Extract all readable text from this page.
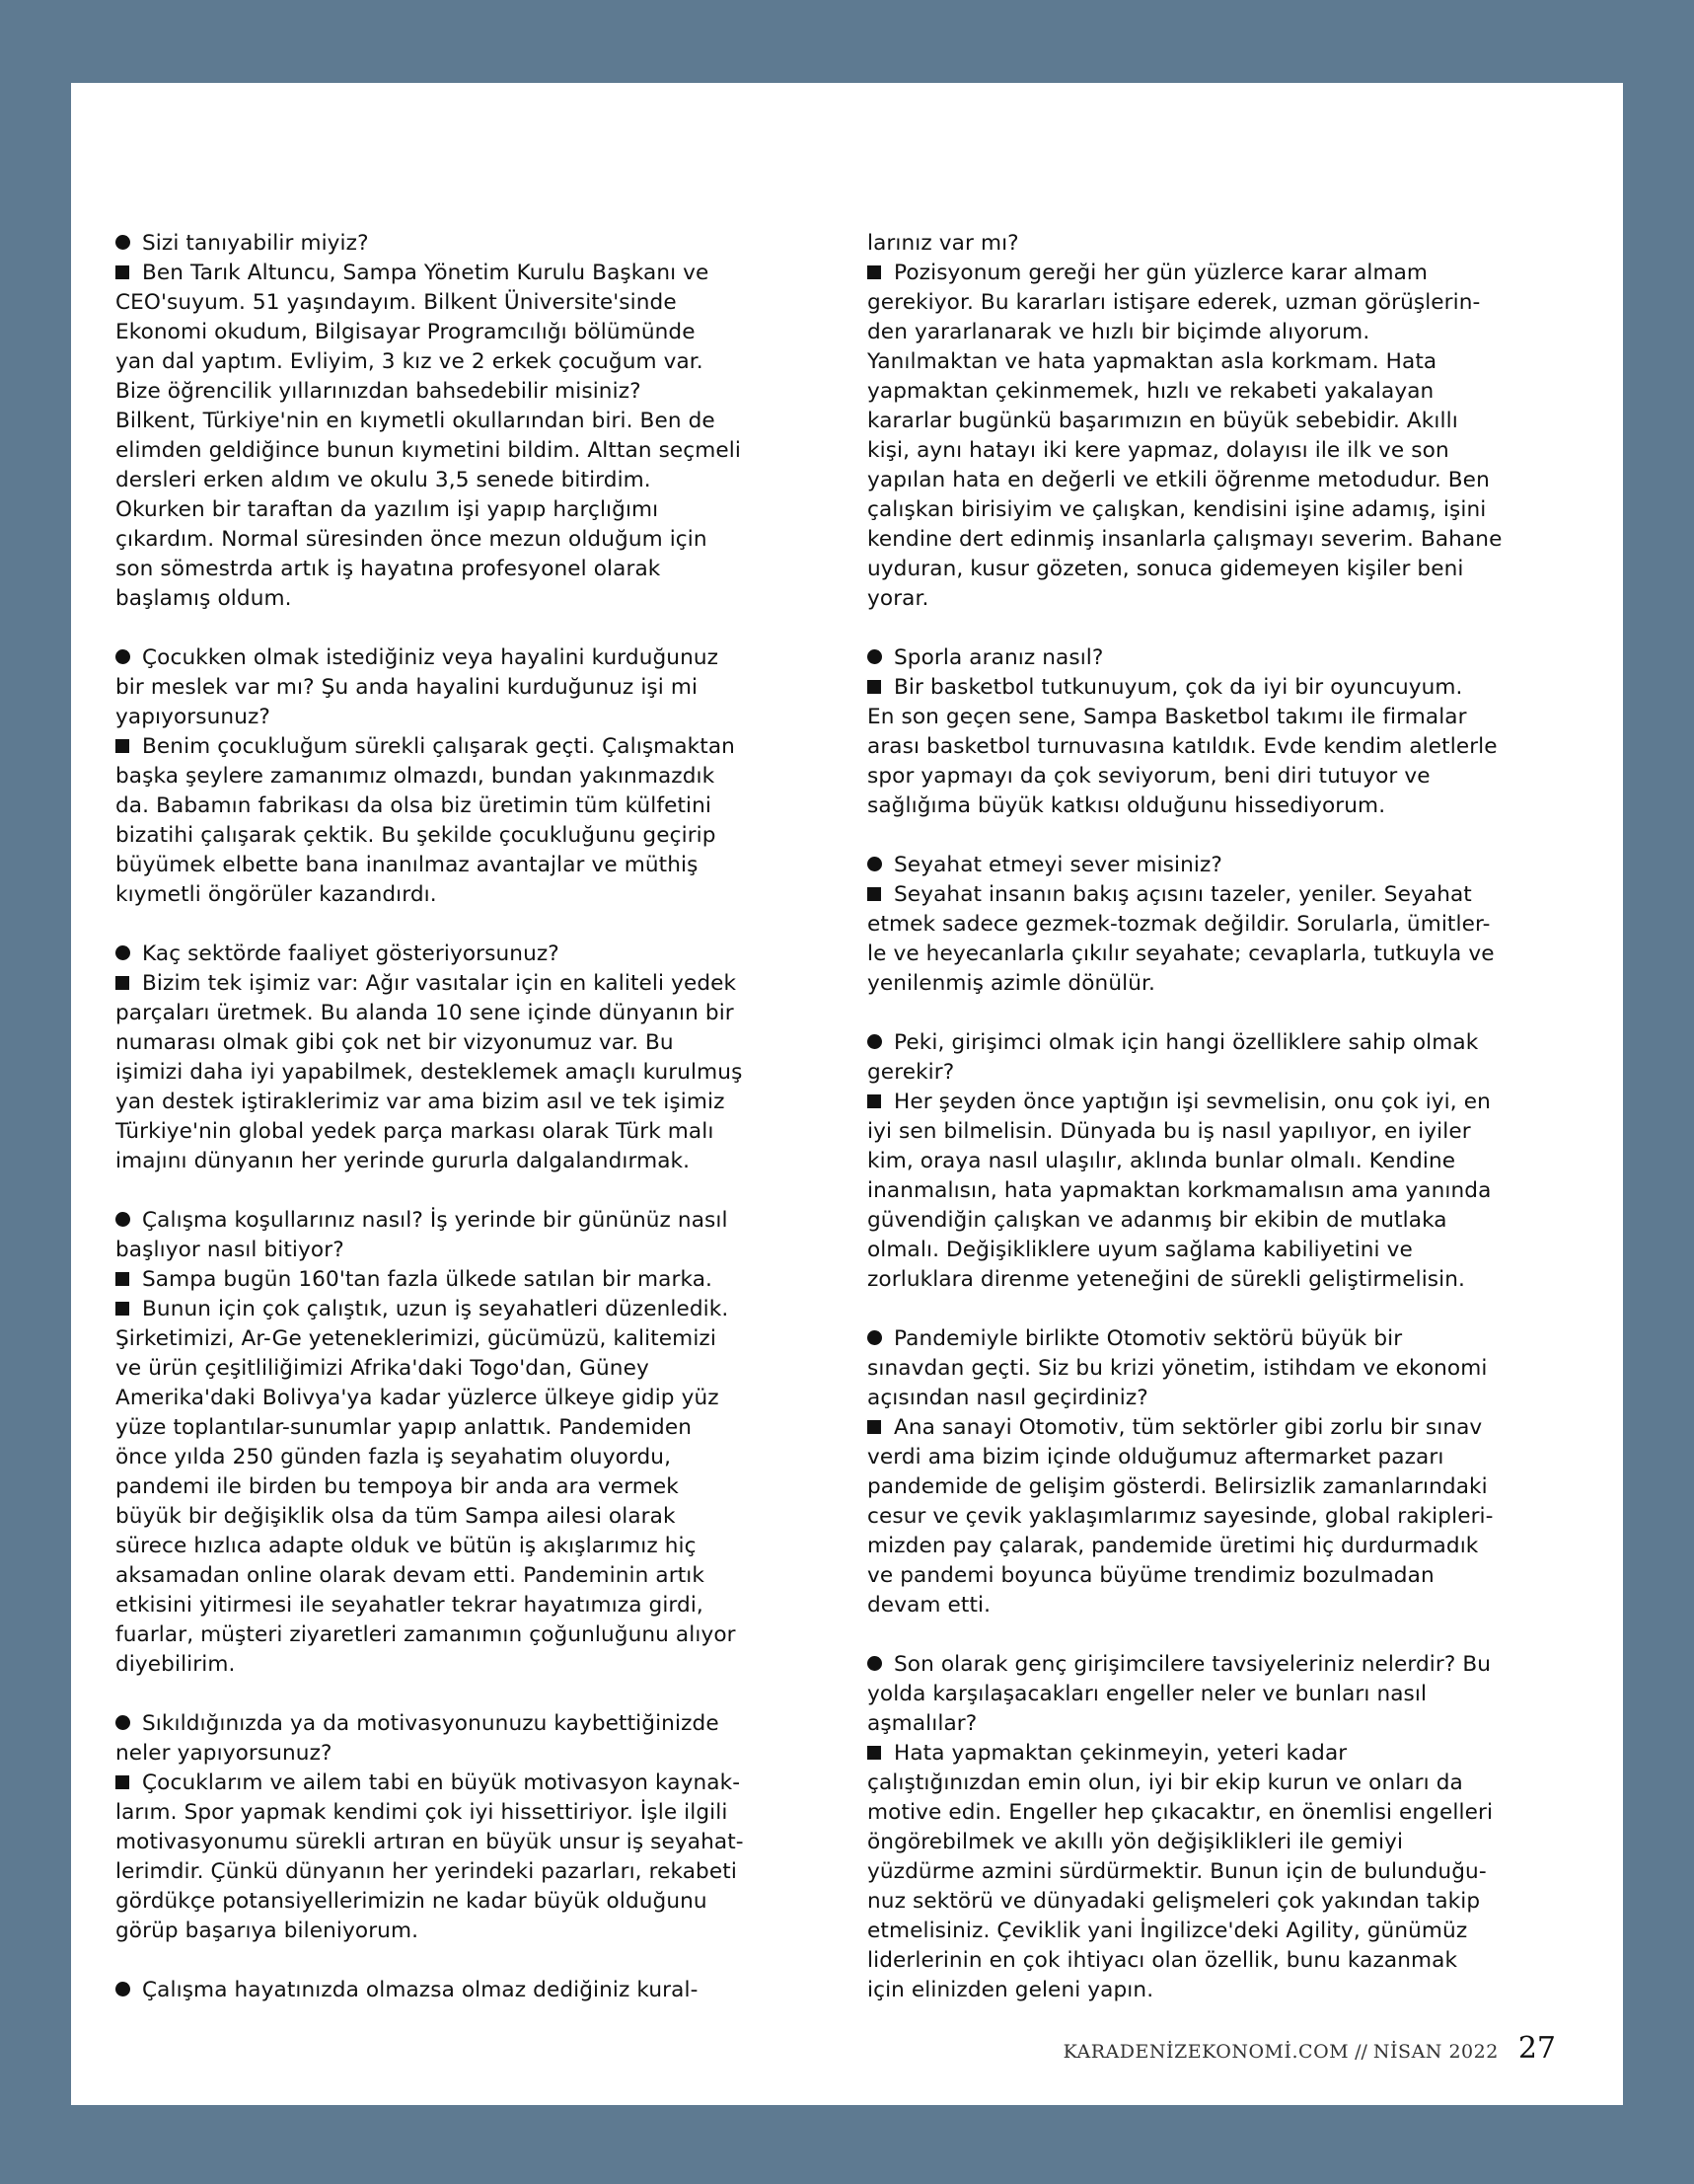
Sizi tanıyabilir miyiz?

Ben Tarık Altuncu, Sampa Yönetim Kurulu Başkanı ve
CEO'suyum. 51 yaşındayım. Bilkent Üniversite'sinde
Ekonomi okudum, Bilgisayar Programcılığı bölümünde
yan dal yaptım. Evliyim, 3 kız ve 2 erkek çocuğum var.
Bize öğrencilik yıllarınızdan bahsedebilir misiniz?
Bilkent, Türkiye'nin en kıymetli okullarından biri. Ben de
elimden geldiğince bunun kıymetini bildim. Alttan seçmeli
dersleri erken aldım ve okulu 3,5 senede bitirdim.
Okurken bir taraftan da yazılım işi yapıp harçlığımı
çıkardım. Normal süresinden önce mezun olduğum için
son sömestrda artık iş hayatına profesyonel olarak
başlamış oldum.

Çocukken olmak istediğiniz veya hayalini kurduğunuz
bir meslek var mı? Şu anda hayalini kurduğunuz işi mi
yapıyorsunuz?

Benim çocukluğum sürekli çalışarak geçti. Çalışmaktan
başka şeylere zamanımız olmazdı, bundan yakınmazdık
da. Babamın fabrikası da olsa biz üretimin tüm külfetini
bizatihi çalışarak çektik. Bu şekilde çocukluğunu geçirip
büyümek elbette bana inanılmaz avantajlar ve müthiş
kıymetli öngörüler kazandırdı.

Kaç sektörde faaliyet gösteriyorsunuz?

Bizim tek işimiz var: Ağır vasıtalar için en kaliteli yedek
parçaları üretmek. Bu alanda 10 sene içinde dünyanın bir
numarası olmak gibi çok net bir vizyonumuz var. Bu
işimizi daha iyi yapabilmek, desteklemek amaçlı kurulmuş
yan destek iştiraklerimiz var ama bizim asıl ve tek işimiz
Türkiye'nin global yedek parça markası olarak Türk malı
imajını dünyanın her yerinde gururla dalgalandırmak.

Çalışma koşullarınız nasıl? İş yerinde bir gününüz nasıl
başlıyor nasıl bitiyor?

Sampa bugün 160'tan fazla ülkede satılan bir marka.

Bunun için çok çalıştık, uzun iş seyahatleri düzenledik.
Şirketimizi, Ar-Ge yeteneklerimizi, gücümüzü, kalitemizi
ve ürün çeşitliliğimizi Afrika'daki Togo'dan, Güney
Amerika'daki Bolivya'ya kadar yüzlerce ülkeye gidip yüz
yüze toplantılar-sunumlar yapıp anlattık. Pandemiden
önce yılda 250 günden fazla iş seyahatim oluyordu,
pandemi ile birden bu tempoya bir anda ara vermek
büyük bir değişiklik olsa da tüm Sampa ailesi olarak
sürece hızlıca adapte olduk ve bütün iş akışlarımız hiç
aksamadan online olarak devam etti. Pandeminin artık
etkisini yitirmesi ile seyahatler tekrar hayatımıza girdi,
fuarlar, müşteri ziyaretleri zamanımın çoğunluğunu alıyor
diyebilirim.

Sıkıldığınızda ya da motivasyonunuzu kaybettiğinizde
neler yapıyorsunuz?

Çocuklarım ve ailem tabi en büyük motivasyon kaynak-
larım. Spor yapmak kendimi çok iyi hissettiriyor. İşle ilgili
motivasyonumu sürekli artıran en büyük unsur iş seyahat-
lerimdir. Çünkü dünyanın her yerindeki pazarları, rekabeti
gördükçe potansiyellerimizin ne kadar büyük olduğunu
görüp başarıya bileniyorum.

Çalışma hayatınızda olmazsa olmaz dediğiniz kural-

larınız var mı?

Pozisyonum gereği her gün yüzlerce karar almam
gerekiyor. Bu kararları istişare ederek, uzman görüşlerin-
den yararlanarak ve hızlı bir biçimde alıyorum.
Yanılmaktan ve hata yapmaktan asla korkmam. Hata
yapmaktan çekinmemek, hızlı ve rekabeti yakalayan
kararlar bugünkü başarımızın en büyük sebebidir. Akıllı
kişi, aynı hatayı iki kere yapmaz, dolayısı ile ilk ve son
yapılan hata en değerli ve etkili öğrenme metodudur. Ben
çalışkan birisiyim ve çalışkan, kendisini işine adamış, işini
kendine dert edinmiş insanlarla çalışmayı severim. Bahane
uyduran, kusur gözeten, sonuca gidemeyen kişiler beni
yorar.

Sporla aranız nasıl?

Bir basketbol tutkunuyum, çok da iyi bir oyuncuyum.

En son geçen sene, Sampa Basketbol takımı ile firmalar
arası basketbol turnuvasına katıldık. Evde kendim aletlerle
spor yapmayı da çok seviyorum, beni diri tutuyor ve
sağlığıma büyük katkısı olduğunu hissediyorum.

Seyahat etmeyi sever misiniz?

Seyahat insanın bakış açısını tazeler, yeniler. Seyahat
etmek sadece gezmek-tozmak değildir. Sorularla, ümitler-
le ve heyecanlarla çıkılır seyahate; cevaplarla, tutkuyla ve
yenilenmiş azimle dönülür.

Peki, girişimci olmak için hangi özelliklere sahip olmak
gerekir?

Her şeyden önce yaptığın işi sevmelisin, onu çok iyi, en
iyi sen bilmelisin. Dünyada bu iş nasıl yapılıyor, en iyiler
kim, oraya nasıl ulaşılır, aklında bunlar olmalı. Kendine
inanmalısın, hata yapmaktan korkmamalısın ama yanında
güvendiğin çalışkan ve adanmış bir ekibin de mutlaka
olmalı. Değişikliklere uyum sağlama kabiliyetini ve
zorluklara direnme yeteneğini de sürekli geliştirmelisin.

Pandemiyle birlikte Otomotiv sektörü büyük bir
sınavdan geçti. Siz bu krizi yönetim, istihdam ve ekonomi
açısından nasıl geçirdiniz?

Ana sanayi Otomotiv, tüm sektörler gibi zorlu bir sınav
verdi ama bizim içinde olduğumuz aftermarket pazarı
pandemide de gelişim gösterdi. Belirsizlik zamanlarındaki
cesur ve çevik yaklaşımlarımız sayesinde, global rakipleri-
mizden pay çalarak, pandemide üretimi hiç durdurmadık
ve pandemi boyunca büyüme trendimiz bozulmadan
devam etti.

Son olarak genç girişimcilere tavsiyeleriniz nelerdir? Bu
yolda karşılaşacakları engeller neler ve bunları nasıl
aşmalılar?

Hata yapmaktan çekinmeyin, yeteri kadar
çalıştığınızdan emin olun, iyi bir ekip kurun ve onları da
motive edin. Engeller hep çıkacaktır, en önemlisi engelleri
öngörebilmek ve akıllı yön değişiklikleri ile gemiyi
yüzdürme azmini sürdürmektir. Bunun için de bulunduğu-
nuz sektörü ve dünyadaki gelişmeleri çok yakından takip
etmelisiniz. Çeviklik yani İngilizce'deki Agility, günümüz
liderlerinin en çok ihtiyacı olan özellik, bunu kazanmak
için elinizden geleni yapın.

KARADENİZEKONOMİ.COM // NİSAN 2022 27
